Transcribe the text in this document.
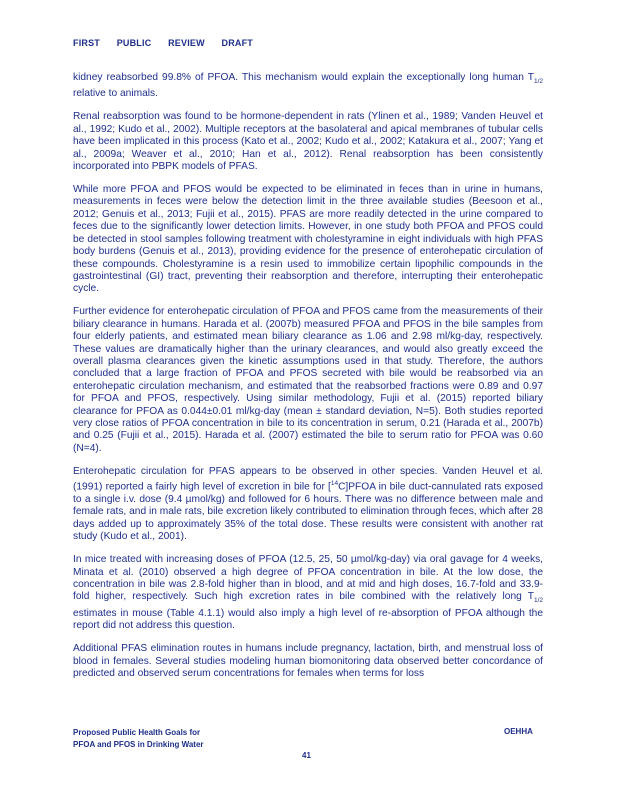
FIRST PUBLIC REVIEW DRAFT

kidney reabsorbed 99.8% of PFOA. This mechanism would explain the exceptionally long human $T_{1/2}$ relative to animals.

Renal reabsorption was found to be hormone-dependent in rats (Ylinen et al., 1989; Vanden Heuvel et al., 1992; Kudo et al., 2002). Multiple receptors at the basolateral and apical membranes of tubular cells have been implicated in this process (Kato et al., 2002; Kudo et al., 2002; Katakura et al., 2007; Yang et al., 2009a; Weaver et al., 2010; Han et al., 2012). Renal reabsorption has been consistently incorporated into PBPK models of PFAS.

While more PFOA and PFOS would be expected to be eliminated in feces than in urine in humans, measurements in feces were below the detection limit in the three available studies (Beesoon et al., 2012; Genuis et al., 2013; Fujii et al., 2015). PFAS are more readily detected in the urine compared to feces due to the significantly lower detection limits. However, in one study both PFOA and PFOS could be detected in stool samples following treatment with cholestyramine in eight individuals with high PFAS body burdens (Genuis et al., 2013), providing evidence for the presence of enterohepatic circulation of these compounds. Cholestyramine is a resin used to immobilize certain lipophilic compounds in the gastrointestinal (GI) tract, preventing their reabsorption and therefore, interrupting their enterohepatic cycle.

Further evidence for enterohepatic circulation of PFOA and PFOS came from the measurements of their biliary clearance in humans. Harada et al. (2007b) measured PFOA and PFOS in the bile samples from four elderly patients, and estimated mean biliary clearance as 1.06 and 2.98 ml/kg-day, respectively. These values are dramatically higher than the urinary clearances, and would also greatly exceed the overall plasma clearances given the kinetic assumptions used in that study. Therefore, the authors concluded that a large fraction of PFOA and PFOS secreted with bile would be reabsorbed via an enterohepatic circulation mechanism, and estimated that the reabsorbed fractions were 0.89 and 0.97 for PFOA and PFOS, respectively. Using similar methodology, Fujii et al. (2015) reported biliary clearance for PFOA as 0.044±0.01 ml/kg-day (mean ± standard deviation, N=5). Both studies reported very close ratios of PFOA concentration in bile to its concentration in serum, 0.21 (Harada et al., 2007b) and 0.25 (Fujii et al., 2015). Harada et al. (2007) estimated the bile to serum ratio for PFOA was 0.60 (N=4).

Enterohepatic circulation for PFAS appears to be observed in other species. Vanden Heuvel et al. (1991) reported a fairly high level of excretion in bile for [$^{14}$C]PFOA in bile duct-cannulated rats exposed to a single i.v. dose (9.4 µmol/kg) and followed for 6 hours. There was no difference between male and female rats, and in male rats, bile excretion likely contributed to elimination through feces, which after 28 days added up to approximately 35% of the total dose. These results were consistent with another rat study (Kudo et al., 2001).

In mice treated with increasing doses of PFOA (12.5, 25, 50 µmol/kg-day) via oral gavage for 4 weeks, Minata et al. (2010) observed a high degree of PFOA concentration in bile. At the low dose, the concentration in bile was 2.8-fold higher than in blood, and at mid and high doses, 16.7-fold and 33.9-fold higher, respectively. Such high excretion rates in bile combined with the relatively long $T_{1/2}$ estimates in mouse (Table 4.1.1) would also imply a high level of re-absorption of PFOA although the report did not address this question.

Additional PFAS elimination routes in humans include pregnancy, lactation, birth, and menstrual loss of blood in females. Several studies modeling human biomonitoring data observed better concordance of predicted and observed serum concentrations for females when terms for loss

Proposed Public Health Goals for
PFOA and PFOS in Drinking Water
OEHHA
41
